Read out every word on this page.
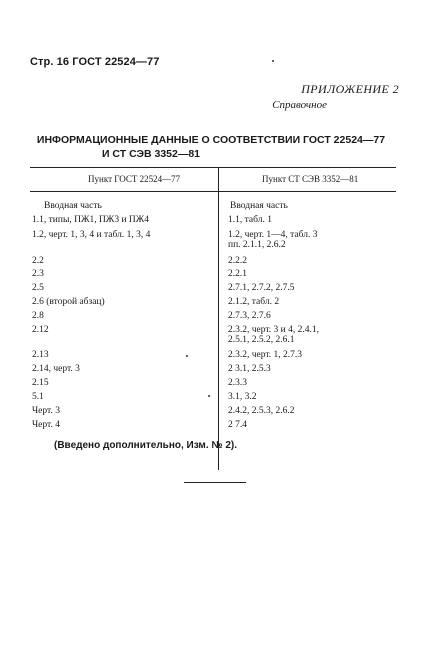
Стр. 16 ГОСТ 22524—77
ПРИЛОЖЕНИЕ 2
Справочное
ИНФОРМАЦИОННЫЕ ДАННЫЕ О СООТВЕТСТВИИ ГОСТ 22524—77
И СТ СЭВ 3352—81
Пункт ГОСТ 22524—77	Пункт СТ СЭВ 3352—81
Вводная часть	Вводная часть
1.1, типы, ПЖ1, ПЖ3 и ПЖ4	1.1, табл. 1
1.2, черт. 1, 3, 4 и табл. 1, 3, 4	1.2, черт. 1—4, табл. 3
пп. 2.1.1, 2.6.2
2.2	2.2.2
2.3	2.2.1
2.5	2.7.1, 2.7.2, 2.7.5
2.6 (второй абзац)	2.1.2, табл. 2
2.8	2.7.3, 2.7.6
2.12	2.3.2, черт. 3 и 4, 2.4.1,
2.5.1, 2.5.2, 2.6.1
2.13	2.3.2, черт. 1, 2.7.3
2.14, черт. 3	2 3.1, 2.5.3
2.15	2.3.3
5.1	3.1, 3.2
Черт. 3	2.4.2, 2.5.3, 2.6.2
Черт. 4	2 7.4
(Введено дополнительно, Изм. № 2).
